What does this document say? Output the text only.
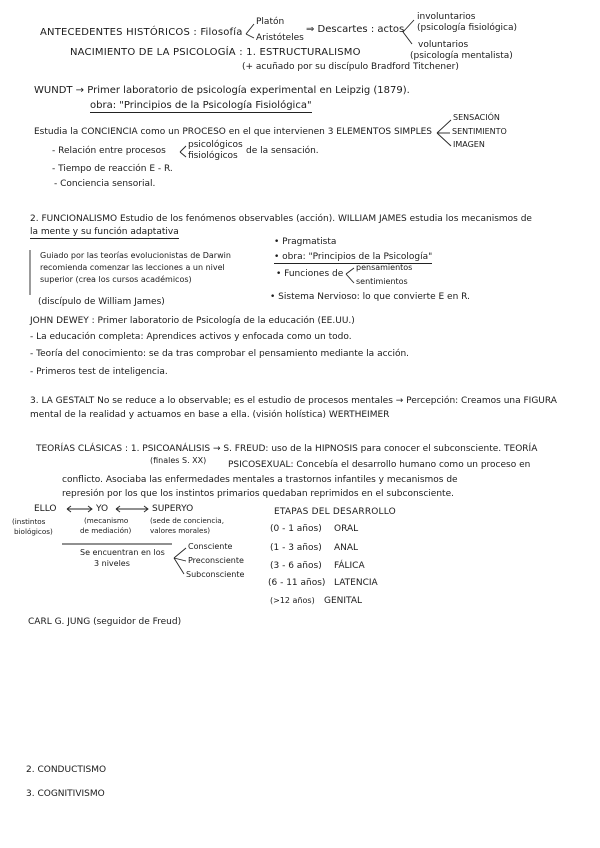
ANTECEDENTES HISTÓRICOS : Filosofía
Platón
Aristóteles
⇒ Descartes : actos
involuntarios
(psicología fisiológica)
voluntarios
(psicología mentalista)
NACIMIENTO DE LA PSICOLOGÍA : 1. ESTRUCTURALISMO
(+ acuñado por su discípulo Bradford Titchener)
WUNDT → Primer laboratorio de psicología experimental en Leipzig (1879).
obra: "Principios de la Psicología Fisiológica"
Estudia la CONCIENCIA como un PROCESO en el que intervienen 3 ELEMENTOS SIMPLES
SENSACIÓN
SENTIMIENTO
IMAGEN
- Relación entre procesos
psicológicos
fisiológicos de la sensación.
- Tiempo de reacción E - R.
- Conciencia sensorial.
2. FUNCIONALISMO Estudio de los fenómenos observables (acción). WILLIAM JAMES estudia los mecanismos de
la mente y su función adaptativa
• Pragmatista
• obra: "Principios de la Psicología"
• Funciones de
pensamientos
sentimientos
• Sistema Nervioso: lo que convierte E en R.
Guiado por las teorías evolucionistas de Darwin
recomienda comenzar las lecciones a un nivel
superior (crea los cursos académicos)
(discípulo de William James)
JOHN DEWEY : Primer laboratorio de Psicología de la educación (EE.UU.)
- La educación completa: Aprendices activos y enfocada como un todo.
- Teoría del conocimiento: se da tras comprobar el pensamiento mediante la acción.
- Primeros test de inteligencia.
3. LA GESTALT No se reduce a lo observable; es el estudio de procesos mentales → Percepción: Creamos una FIGURA
mental de la realidad y actuamos en base a ella. (visión holística) WERTHEIMER
TEORÍAS CLÁSICAS : 1. PSICOANÁLISIS → S. FREUD: uso de la HIPNOSIS para conocer el subconsciente. TEORÍA
(finales S. XX) PSICOSEXUAL: Concebía el desarrollo humano como un proceso en
conflicto. Asociaba las enfermedades mentales a trastornos infantiles y mecanismos de
represión por los que los instintos primarios quedaban reprimidos en el subconsciente.
ELLO	YO	SUPERYO
(instintos
biológicos)
(mecanismo
de mediación)
(sede de conciencia,
valores morales)
Se encuentran en los
3 niveles
Consciente
Preconsciente
Subconsciente
ETAPAS DEL DESARROLLO
(0 - 1 años) ORAL
(1 - 3 años) ANAL
(3 - 6 años) FÁLICA
(6 - 11 años) LATENCIA
(>12 años) GENITAL
CARL G. JUNG (seguidor de Freud)
2. CONDUCTISMO
3. COGNITIVISMO
